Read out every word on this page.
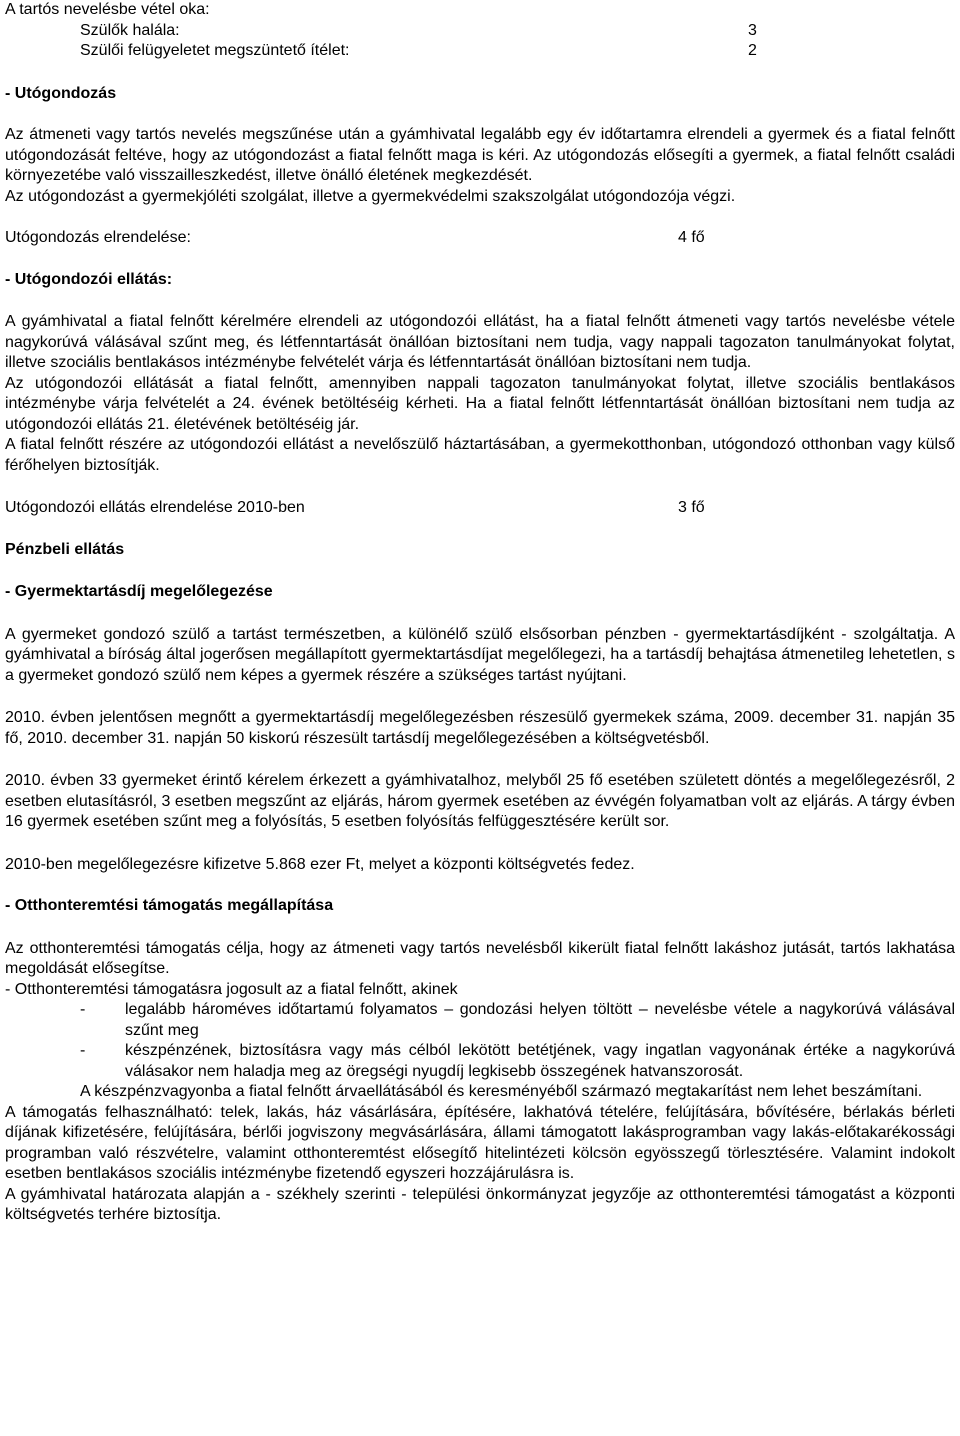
A tartós nevelésbe vétel oka:

Szülők halála:	3
Szülői felügyeletet megszüntető ítélet:	2

- Utógondozás

Az átmeneti vagy tartós nevelés megszűnése után a gyámhivatal legalább egy év időtartamra elrendeli a gyermek és a fiatal felnőtt utógondozását feltéve, hogy az utógondozást a fiatal felnőtt maga is kéri. Az utógondozás elősegíti a gyermek, a fiatal felnőtt családi környezetébe való visszailleszkedést, illetve önálló életének megkezdését.

Az utógondozást a gyermekjóléti szolgálat, illetve a gyermekvédelmi szakszolgálat utógondozója végzi.

Utógondozás elrendelése:	4 fő

- Utógondozói ellátás:

A gyámhivatal a fiatal felnőtt kérelmére elrendeli az utógondozói ellátást, ha a fiatal felnőtt átmeneti vagy tartós nevelésbe vétele nagykorúvá válásával szűnt meg, és létfenntartását önállóan biztosítani nem tudja, vagy nappali tagozaton tanulmányokat folytat, illetve szociális bentlakásos intézménybe felvételét várja és létfenntartását önállóan biztosítani nem tudja.

Az utógondozói ellátását a fiatal felnőtt, amennyiben nappali tagozaton tanulmányokat folytat, illetve szociális bentlakásos intézménybe várja felvételét a 24. évének betöltéséig kérheti. Ha a fiatal felnőtt létfenntartását önállóan biztosítani nem tudja az utógondozói ellátás 21. életévének betöltéséig jár.

A fiatal felnőtt részére az utógondozói ellátást a nevelőszülő háztartásában, a gyermekotthonban, utógondozó otthonban vagy külső férőhelyen biztosítják.

Utógondozói ellátás elrendelése 2010-ben	3 fő

Pénzbeli ellátás

- Gyermektartásdíj megelőlegezése

A gyermeket gondozó szülő a tartást természetben, a különélő szülő elsősorban pénzben - gyermektartásdíjként - szolgáltatja. A gyámhivatal a bíróság által jogerősen megállapított gyermektartásdíjat megelőlegezi, ha a tartásdíj behajtása átmenetileg lehetetlen, s a gyermeket gondozó szülő nem képes a gyermek részére a szükséges tartást nyújtani.

2010. évben jelentősen megnőtt a gyermektartásdíj megelőlegezésben részesülő gyermekek száma, 2009. december 31. napján 35 fő, 2010. december 31. napján 50 kiskorú részesült tartásdíj megelőlegezésében a költségvetésből.

2010. évben 33 gyermeket érintő kérelem érkezett a gyámhivatalhoz, melyből 25 fő esetében született döntés a megelőlegezésről, 2 esetben elutasításról, 3 esetben megszűnt az eljárás, három gyermek esetében az évvégén folyamatban volt az eljárás. A tárgy évben 16 gyermek esetében szűnt meg a folyósítás, 5 esetben folyósítás felfüggesztésére került sor.

2010-ben megelőlegezésre kifizetve 5.868 ezer Ft, melyet a központi költségvetés fedez.

- Otthonteremtési támogatás megállapítása

Az otthonteremtési támogatás célja, hogy az átmeneti vagy tartós nevelésből kikerült fiatal felnőtt lakáshoz jutását, tartós lakhatása megoldását elősegítse.

- Otthonteremtési támogatásra jogosult az a fiatal felnőtt, akinek

-	legalább hároméves időtartamú folyamatos – gondozási helyen töltött – nevelésbe vétele a nagykorúvá válásával szűnt meg
-	készpénzének, biztosításra vagy más célból lekötött betétjének, vagy ingatlan vagyonának értéke a nagykorúvá válásakor nem haladja meg az öregségi nyugdíj legkisebb összegének hatvanszorosát.

A készpénzvagyonba a fiatal felnőtt árvaellátásából és keresményéből származó megtakarítást nem lehet beszámítani.

A támogatás felhasználható: telek, lakás, ház vásárlására, építésére, lakhatóvá tételére, felújítására, bővítésére, bérlakás bérleti díjának kifizetésére, felújítására, bérlői jogviszony megvásárlására, állami támogatott lakásprogramban vagy lakás-előtakarékossági programban való részvételre, valamint otthonteremtést elősegítő hitelintézeti kölcsön egyösszegű törlesztésére. Valamint indokolt esetben bentlakásos szociális intézménybe fizetendő egyszeri hozzájárulásra is.

A gyámhivatal határozata alapján a - székhely szerinti - települési önkormányzat jegyzője az otthonteremtési támogatást a központi költségvetés terhére biztosítja.
